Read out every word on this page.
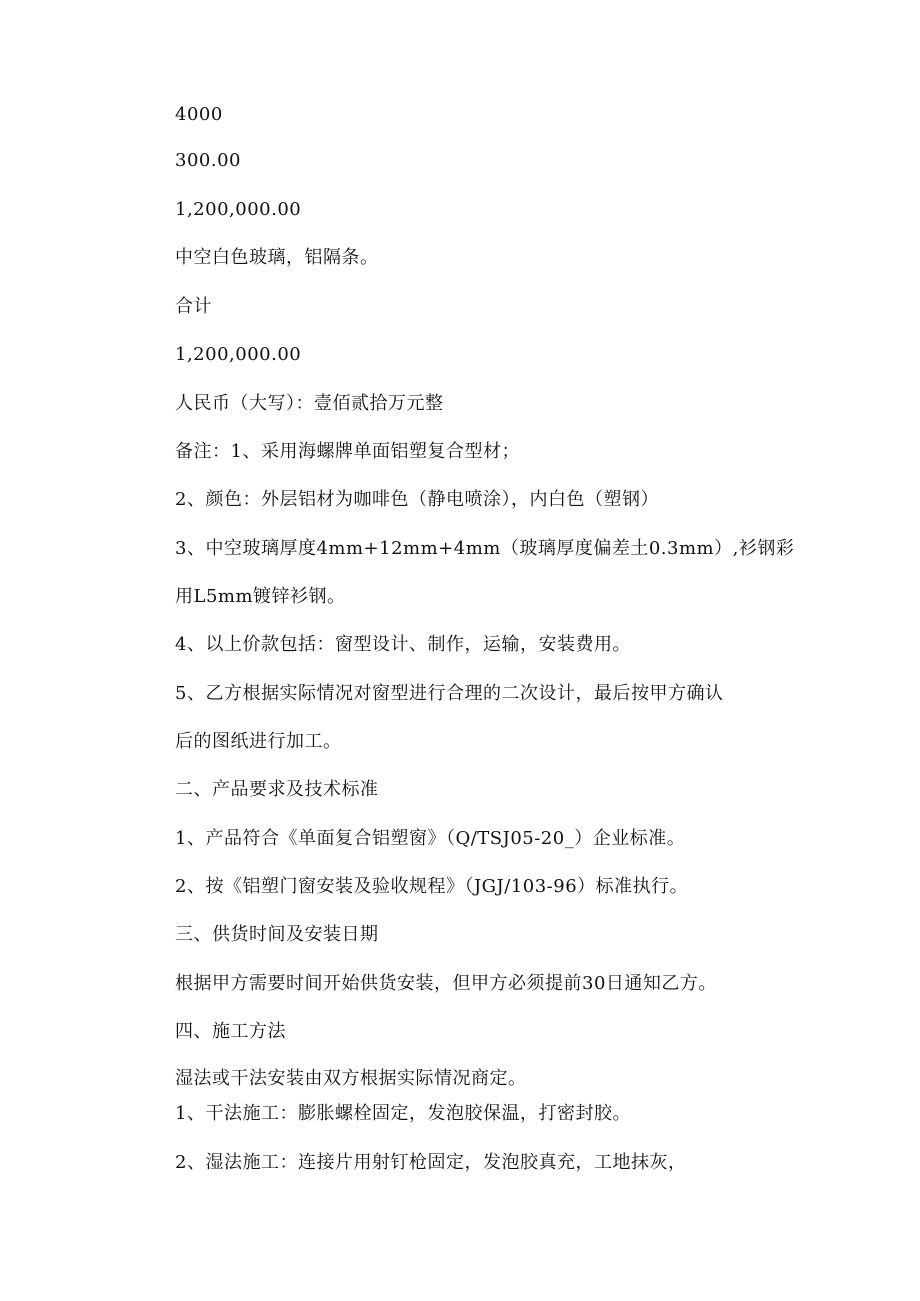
4000
300.00
1,200,000.00
中空白色玻璃，铝隔条。
合计
1,200,000.00
人民币（大写）：壹佰贰拾万元整
备注：1、采用海螺牌单面铝塑复合型材；
2、颜色：外层铝材为咖啡色（静电喷涂），内白色（塑钢）
3、中空玻璃厚度4mm+12mm+4mm（玻璃厚度偏差土0.3mm）,衫钢彩
用L5mm镀锌衫钢。
4、以上价款包括：窗型设计、制作，运输，安装费用。
5、乙方根据实际情况对窗型进行合理的二次设计，最后按甲方确认
后的图纸进行加工。
二、产品要求及技术标准
1、产品符合《单面复合铝塑窗》（Q/TSJ05-20_）企业标准。
2、按《铝塑门窗安装及验收规程》（JGJ/103-96）标准执行。
三、供货时间及安装日期
根据甲方需要时间开始供货安装，但甲方必须提前30日通知乙方。
四、施工方法
湿法或干法安装由双方根据实际情况商定。
1、干法施工：膨胀螺栓固定，发泡胶保温，打密封胶。
2、湿法施工：连接片用射钉枪固定，发泡胶真充，工地抹灰，
